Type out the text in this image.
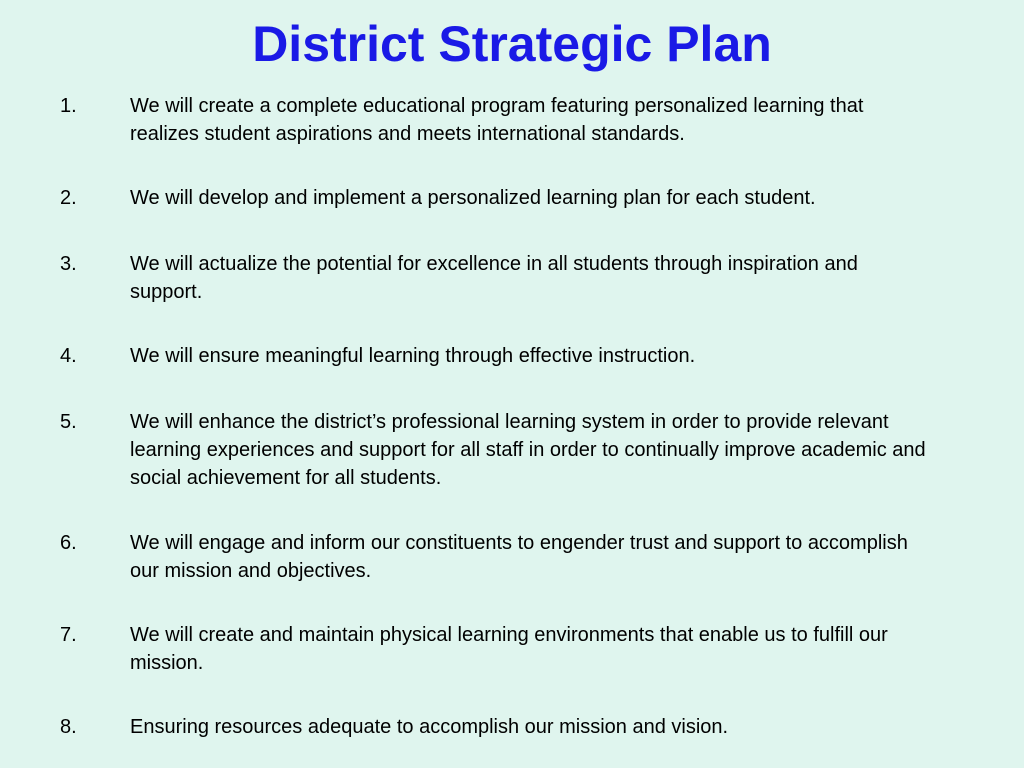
District Strategic Plan
1.	We will create a complete educational program featuring personalized learning that realizes student aspirations and meets international standards.
2.	We will develop and implement a personalized learning plan for each student.
3.	We will actualize the potential for excellence in all students through inspiration and support.
4.	We will ensure meaningful learning through effective instruction.
5.	We will enhance the district’s professional learning system in order to provide relevant learning experiences and support for all staff in order to continually improve academic and social achievement for all students.
6.	We will engage and inform our constituents to engender trust and support to accomplish our mission and objectives.
7.	We will create and maintain physical learning environments that enable us to fulfill our mission.
8.	Ensuring resources adequate to accomplish our mission and vision.
